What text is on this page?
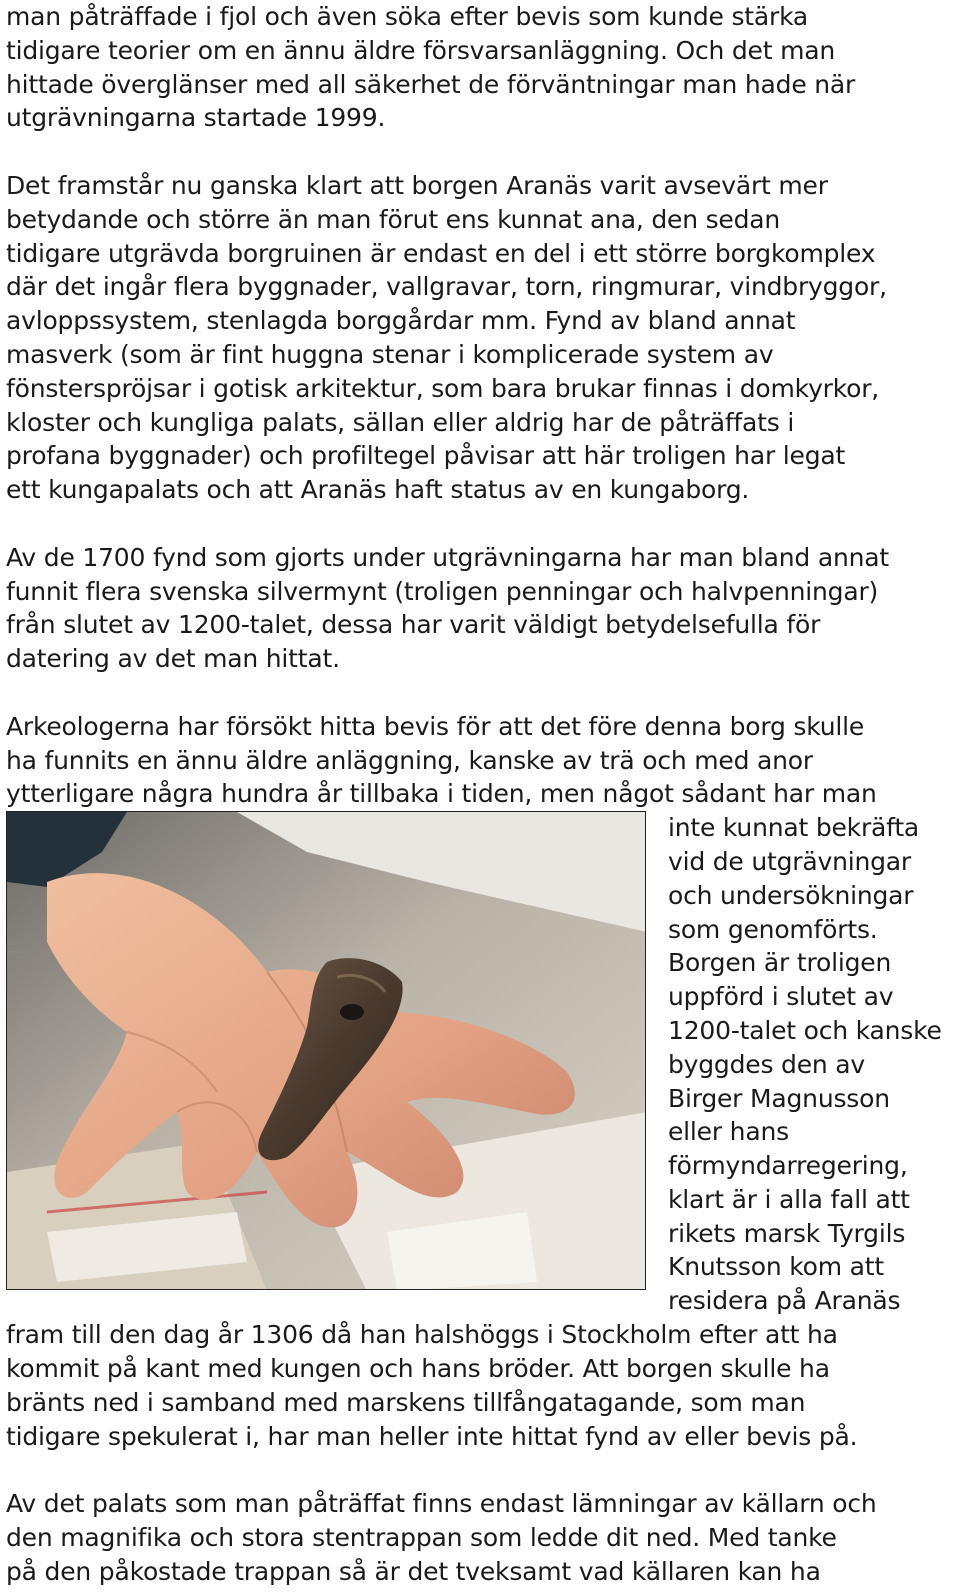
man påträffade i fjol och även söka efter bevis som kunde stärka
tidigare teorier om en ännu äldre försvarsanläggning. Och det man
hittade överglänser med all säkerhet de förväntningar man hade när
utgrävningarna startade 1999.

Det framstår nu ganska klart att borgen Aranäs varit avsevärt mer
betydande och större än man förut ens kunnat ana, den sedan
tidigare utgrävda borgruinen är endast en del i ett större borgkomplex
där det ingår flera byggnader, vallgravar, torn, ringmurar, vindbryggor,
avloppssystem, stenlagda borggårdar mm. Fynd av bland annat
masverk (som är fint huggna stenar i komplicerade system av
fönsterspröjsar i gotisk arkitektur, som bara brukar finnas i domkyrkor,
kloster och kungliga palats, sällan eller aldrig har de påträffats i
profana byggnader) och profiltegel påvisar att här troligen har legat
ett kungapalats och att Aranäs haft status av en kungaborg.

Av de 1700 fynd som gjorts under utgrävningarna har man bland annat
funnit flera svenska silvermynt (troligen penningar och halvpenningar)
från slutet av 1200-talet, dessa har varit väldigt betydelsefulla för
datering av det man hittat.

Arkeologerna har försökt hitta bevis för att det före denna borg skulle
ha funnits en ännu äldre anläggning, kanske av trä och med anor
ytterligare några hundra år tillbaka i tiden, men något sådant har man

inte kunnat bekräfta
vid de utgrävningar
och undersökningar
som genomförts.
Borgen är troligen
uppförd i slutet av
1200-talet och kanske
byggdes den av
Birger Magnusson
eller hans
förmyndarregering,
klart är i alla fall att
rikets marsk Tyrgils
Knutsson kom att
residera på Aranäs

fram till den dag år 1306 då han halshöggs i Stockholm efter att ha
kommit på kant med kungen och hans bröder. Att borgen skulle ha
bränts ned i samband med marskens tillfångatagande, som man
tidigare spekulerat i, har man heller inte hittat fynd av eller bevis på.

Av det palats som man påträffat finns endast lämningar av källarn och
den magnifika och stora stentrappan som ledde dit ned. Med tanke
på den påkostade trappan så är det tveksamt vad källaren kan ha
